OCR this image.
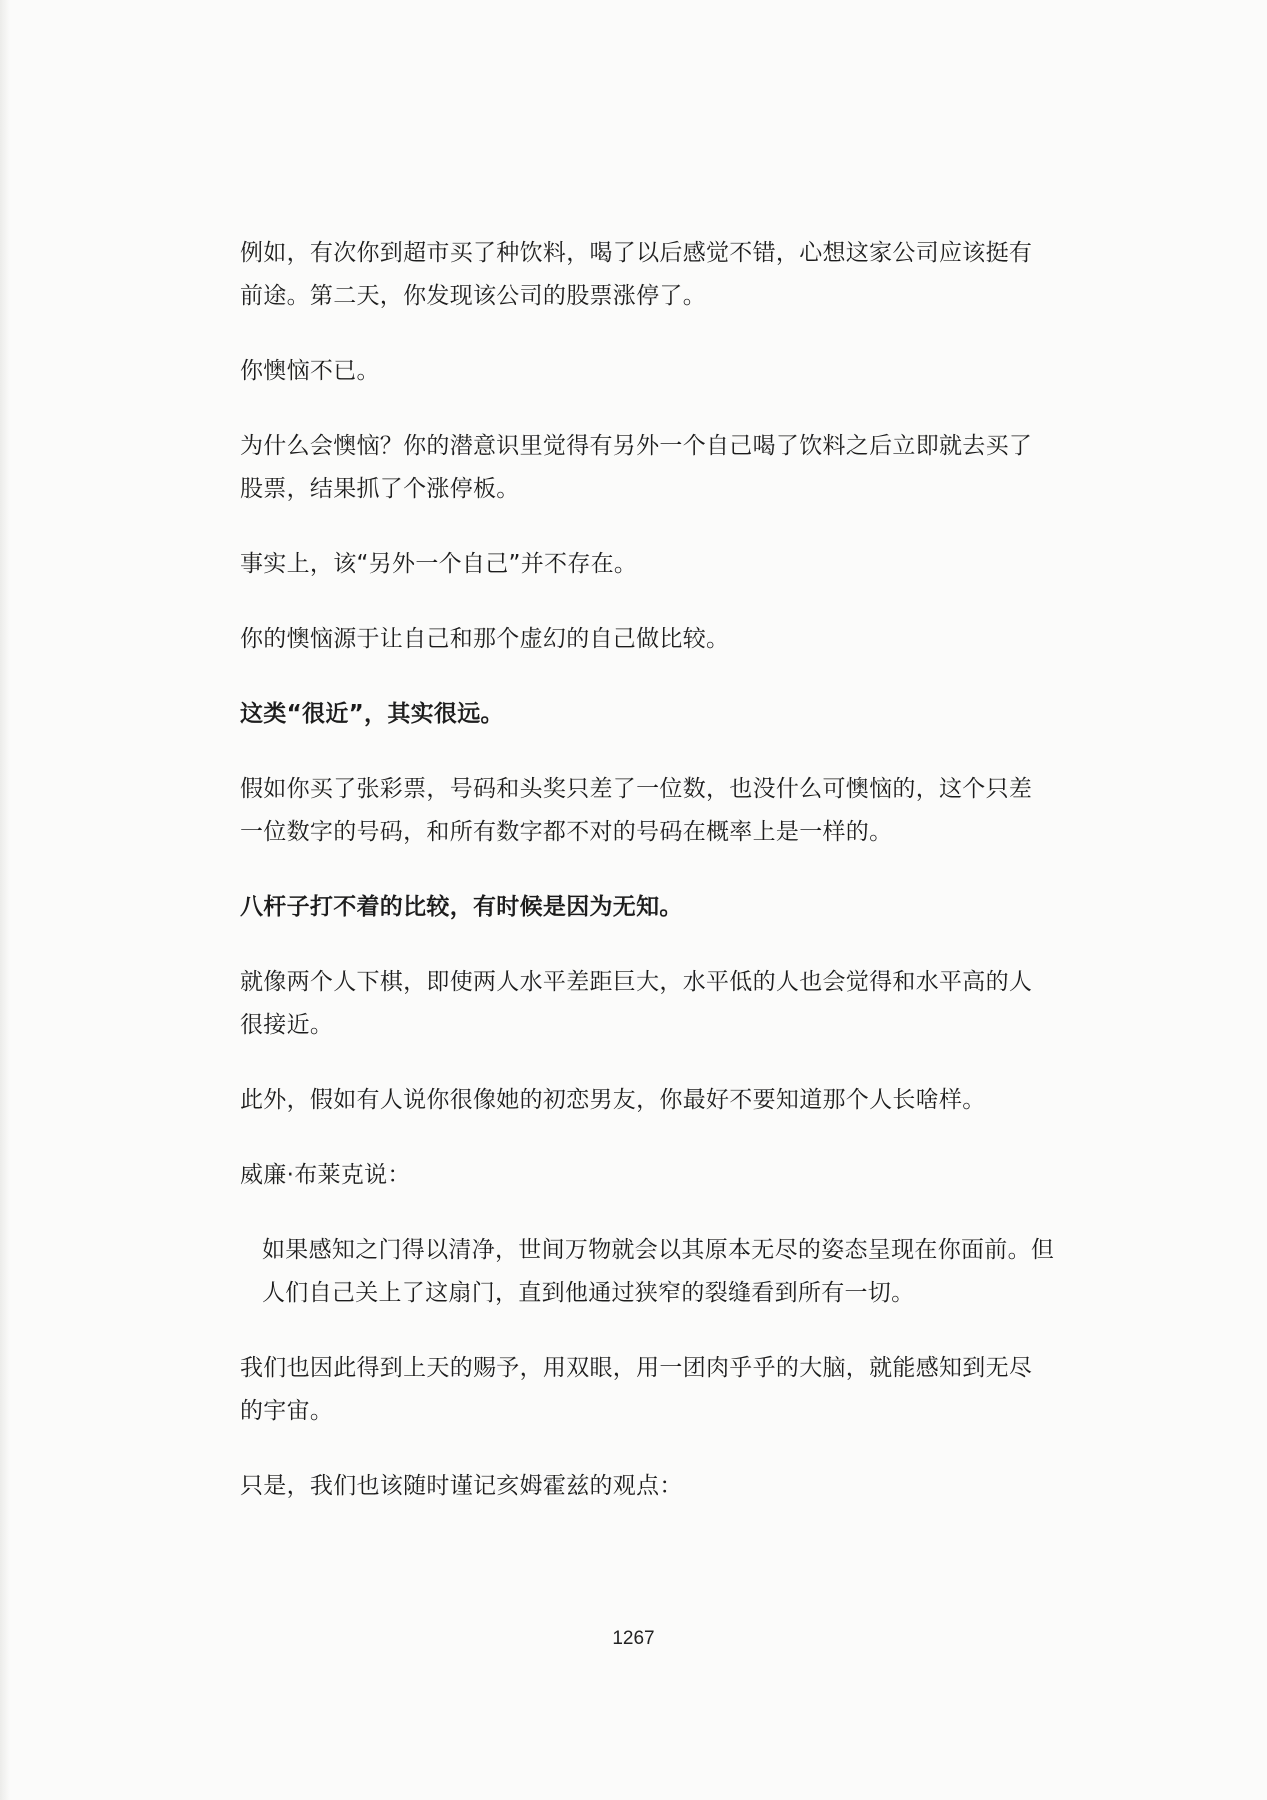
例如，有次你到超市买了种饮料，喝了以后感觉不错，心想这家公司应该挺有前途。第二天，你发现该公司的股票涨停了。

你懊恼不已。

为什么会懊恼？你的潜意识里觉得有另外一个自己喝了饮料之后立即就去买了股票，结果抓了个涨停板。

事实上，该“另外一个自己”并不存在。

你的懊恼源于让自己和那个虚幻的自己做比较。

这类“很近”，其实很远。

假如你买了张彩票，号码和头奖只差了一位数，也没什么可懊恼的，这个只差一位数字的号码，和所有数字都不对的号码在概率上是一样的。

八杆子打不着的比较，有时候是因为无知。

就像两个人下棋，即使两人水平差距巨大，水平低的人也会觉得和水平高的人很接近。

此外，假如有人说你很像她的初恋男友，你最好不要知道那个人长啥样。

威廉·布莱克说：

如果感知之门得以清净，世间万物就会以其原本无尽的姿态呈现在你面前。但人们自己关上了这扇门，直到他通过狭窄的裂缝看到所有一切。

我们也因此得到上天的赐予，用双眼，用一团肉乎乎的大脑，就能感知到无尽的宇宙。

只是，我们也该随时谨记亥姆霍兹的观点：

1267
